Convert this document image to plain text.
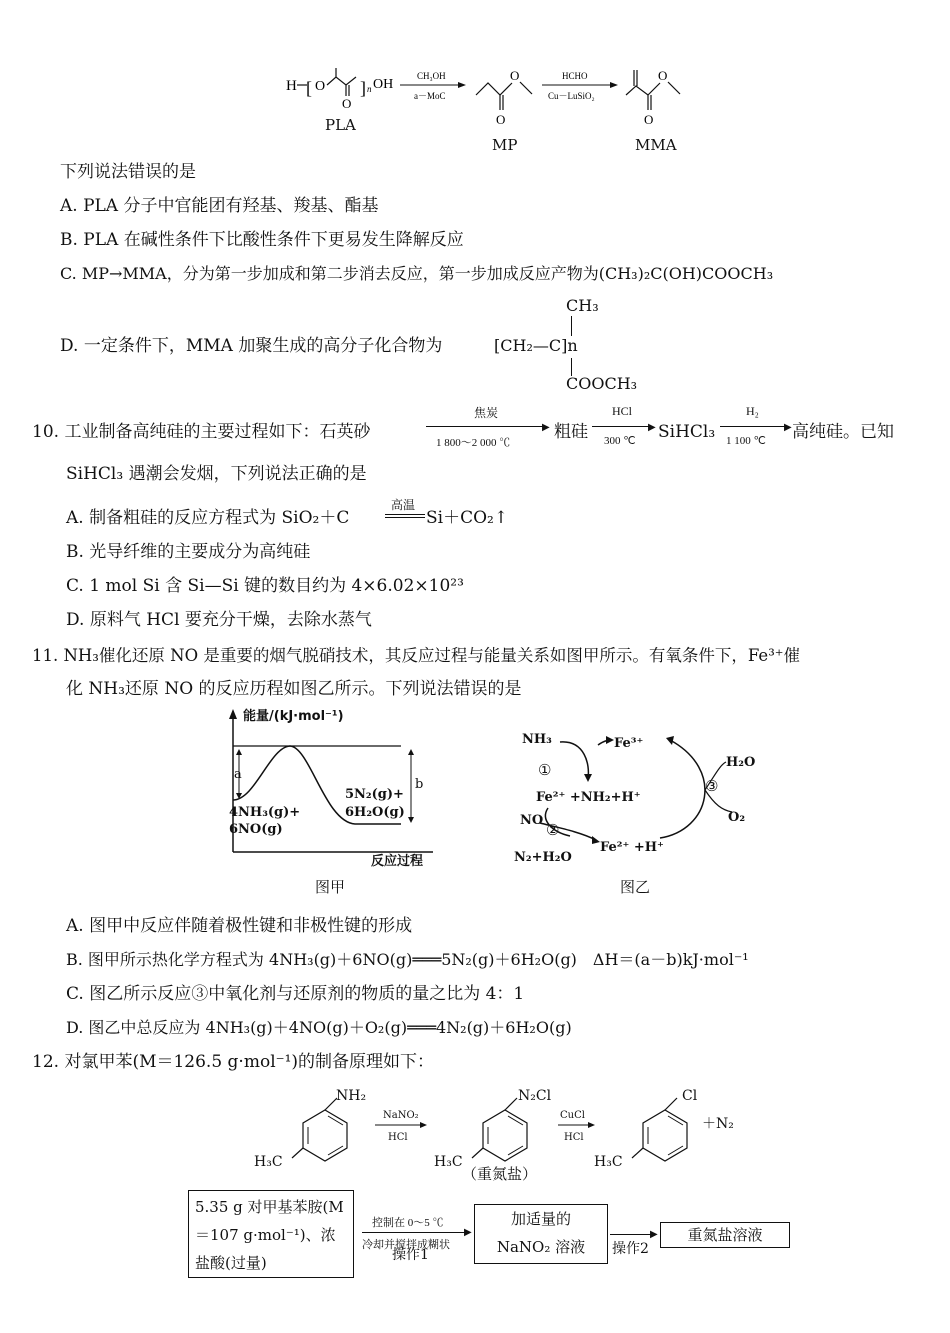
H [ O
O
] n OH
CH₃OH
a－MoC
O
O	HCHO
Cu－LuSiO₂
O
O
PLA
MP	MMA
下列说法错误的是
A. PLA 分子中官能团有羟基、羧基、酯基
B. PLA 在碱性条件下比酸性条件下更易发生降解反应
C. MP→MMA，分为第一步加成和第二步消去反应，第一步加成反应产物为(CH₃)₂C(OH)COOCH₃
D. 一定条件下，MMA 加聚生成的高分子化合物为
CH₃
[CH₂—C]n
COOCH₃
10. 工业制备高纯硅的主要过程如下：石英砂
焦炭
▶
1 800～2 000 ℃
粗硅
HCl
▶
300 ℃ SiHCl₃
H₂
▶
1 100 ℃ 高纯硅。已知
SiHCl₃ 遇潮会发烟，下列说法正确的是
A. 制备粗硅的反应方程式为 SiO₂＋C
高温
Si＋CO₂↑
B. 光导纤维的主要成分为高纯硅
C. 1 mol Si 含 Si—Si 键的数目约为 4×6.02×10²³
D. 原料气 HCl 要充分干燥，去除水蒸气
11. NH₃催化还原 NO 是重要的烟气脱硝技术，其反应过程与能量关系如图甲所示。有氧条件下，Fe³⁺催
化 NH₃还原 NO 的反应历程如图乙所示。下列说法错误的是
能量/(kJ·mol⁻¹)
反应过程
a
b
4NH₃(g)+
6NO(g)
5N₂(g)+
6H₂O(g)
图甲
NH₃	Fe³⁺
①
③
H₂O
O₂
Fe²⁺ +NH₂+H⁺
NO
②
N₂+H₂O
Fe²⁺ +H⁺
图乙
A. 图甲中反应伴随着极性键和非极性键的形成
B. 图甲所示热化学方程式为 4NH₃(g)＋6NO(g)═══5N₂(g)＋6H₂O(g)　ΔH＝(a－b)kJ·mol⁻¹
C. 图乙所示反应③中氧化剂与还原剂的物质的量之比为 4：1
D. 图乙中总反应为 4NH₃(g)＋4NO(g)＋O₂(g)═══4N₂(g)＋6H₂O(g)
12. 对氯甲苯(M＝126.5 g·mol⁻¹)的制备原理如下：
NH₂
H₃C
NaNO₂
HCl
N₂Cl
H₃C
（重氮盐）
CuCl
HCl
Cl
H₃C
＋N₂
5.35 g 对甲基苯胺(M
＝107 g·mol⁻¹)、浓
盐酸(过量)
控制在 0～5 ℃
▶
冷却并搅拌成糊状
操作1
加适量的
NaNO₂ 溶液
▶
操作2
重氮盐溶液
